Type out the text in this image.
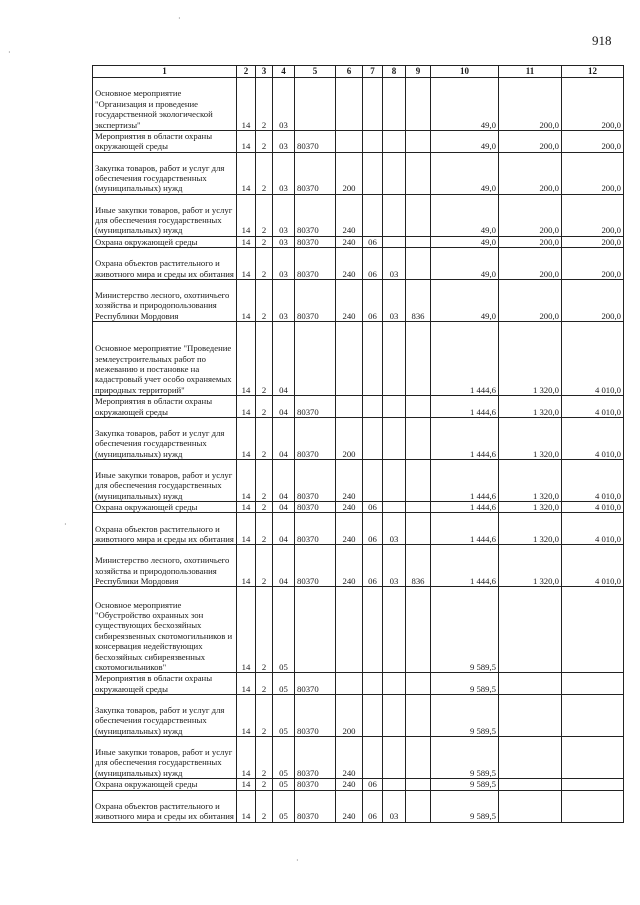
918
1	2	3	4	5	6	7	8	9	10	11	12
Основное мероприятие "Организация и проведение государственной экологической экспертизы"	14	2	03						49,0	200,0	200,0
Мероприятия в области охраны окружающей среды	14	2	03	80370					49,0	200,0	200,0
Закупка товаров, работ и услуг для обеспечения государственных (муниципальных) нужд	14	2	03	80370	200				49,0	200,0	200,0
Иные закупки товаров, работ и услуг для обеспечения государственных (муниципальных) нужд	14	2	03	80370	240				49,0	200,0	200,0
Охрана окружающей среды	14	2	03	80370	240	06			49,0	200,0	200,0
Охрана объектов растительного и животного мира и среды их обитания	14	2	03	80370	240	06	03		49,0	200,0	200,0
Министерство лесного, охотничьего хозяйства и природопользования Республики Мордовия	14	2	03	80370	240	06	03	836	49,0	200,0	200,0
Основное мероприятие "Проведение землеустроительных работ по межеванию и постановке на кадастровый учет особо охраняемых природных территорий"	14	2	04						1 444,6	1 320,0	4 010,0
Мероприятия в области охраны окружающей среды	14	2	04	80370					1 444,6	1 320,0	4 010,0
Закупка товаров, работ и услуг для обеспечения государственных (муниципальных) нужд	14	2	04	80370	200				1 444,6	1 320,0	4 010,0
Иные закупки товаров, работ и услуг для обеспечения государственных (муниципальных) нужд	14	2	04	80370	240				1 444,6	1 320,0	4 010,0
Охрана окружающей среды	14	2	04	80370	240	06			1 444,6	1 320,0	4 010,0
Охрана объектов растительного и животного мира и среды их обитания	14	2	04	80370	240	06	03		1 444,6	1 320,0	4 010,0
Министерство лесного, охотничьего хозяйства и природопользования Республики Мордовия	14	2	04	80370	240	06	03	836	1 444,6	1 320,0	4 010,0
Основное мероприятие "Обустройство охранных зон существующих бесхозяйных сибиреязвенных скотомогильников и консервация недействующих бесхозяйных сибиреязвенных скотомогильников"	14	2	05						9 589,5		
Мероприятия в области охраны окружающей среды	14	2	05	80370					9 589,5		
Закупка товаров, работ и услуг для обеспечения государственных (муниципальных) нужд	14	2	05	80370	200				9 589,5		
Иные закупки товаров, работ и услуг для обеспечения государственных (муниципальных) нужд	14	2	05	80370	240				9 589,5		
Охрана окружающей среды	14	2	05	80370	240	06			9 589,5		
Охрана объектов растительного и животного мира и среды их обитания	14	2	05	80370	240	06	03		9 589,5		
·
·
·
·
